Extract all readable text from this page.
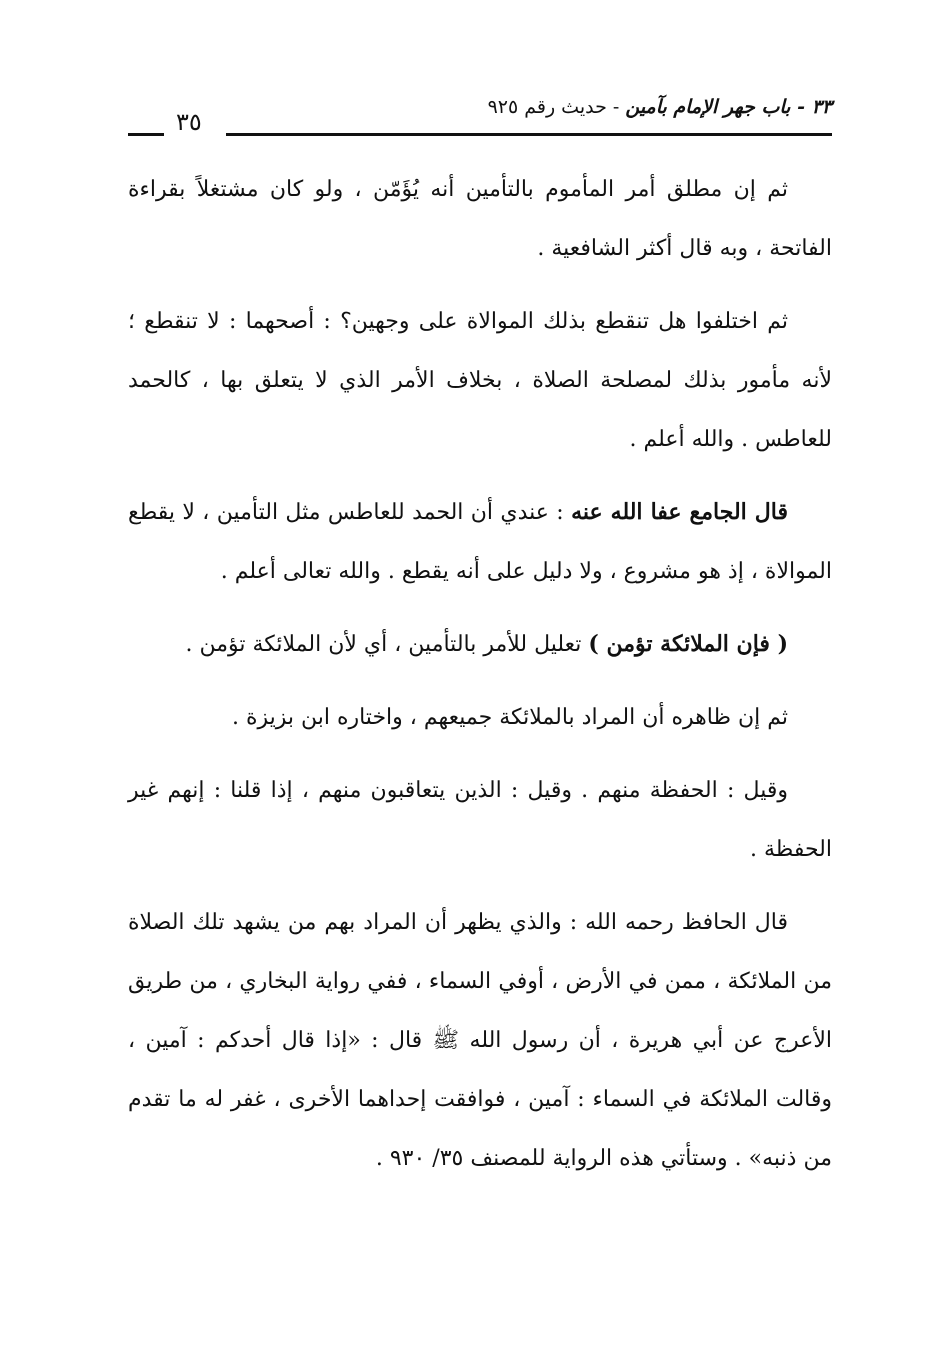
٣٣ - باب جهر الإمام بآمين - حديث رقم ٩٢٥
٣٥

ثم إن مطلق أمر المأموم بالتأمين أنه يُؤَمّن ، ولو كان مشتغلاً بقراءة الفاتحة ، وبه قال أكثر الشافعية .

ثم اختلفوا هل تنقطع بذلك الموالاة على وجهين؟ : أصحهما : لا تنقطع ؛ لأنه مأمور بذلك لمصلحة الصلاة ، بخلاف الأمر الذي لا يتعلق بها ، كالحمد للعاطس . والله أعلم .

قال الجامع عفا الله عنه : عندي أن الحمد للعاطس مثل التأمين ، لا يقطع الموالاة ، إذ هو مشروع ، ولا دليل على أنه يقطع . والله تعالى أعلم .

( فإن الملائكة تؤمن ) تعليل للأمر بالتأمين ، أي لأن الملائكة تؤمن .

ثم إن ظاهره أن المراد بالملائكة جميعهم ، واختاره ابن بزيزة .

وقيل : الحفظة منهم . وقيل : الذين يتعاقبون منهم ، إذا قلنا : إنهم غير الحفظة .

قال الحافظ رحمه الله : والذي يظهر أن المراد بهم من يشهد تلك الصلاة من الملائكة ، ممن في الأرض ، أوفي السماء ، ففي رواية البخاري ، من طريق الأعرج عن أبي هريرة ، أن رسول الله ﷺ قال : «إذا قال أحدكم : آمين ، وقالت الملائكة في السماء : آمين ، فوافقت إحداهما الأخرى ، غفر له ما تقدم من ذنبه» . وستأتي هذه الرواية للمصنف ٣٥/ ٩٣٠ .
